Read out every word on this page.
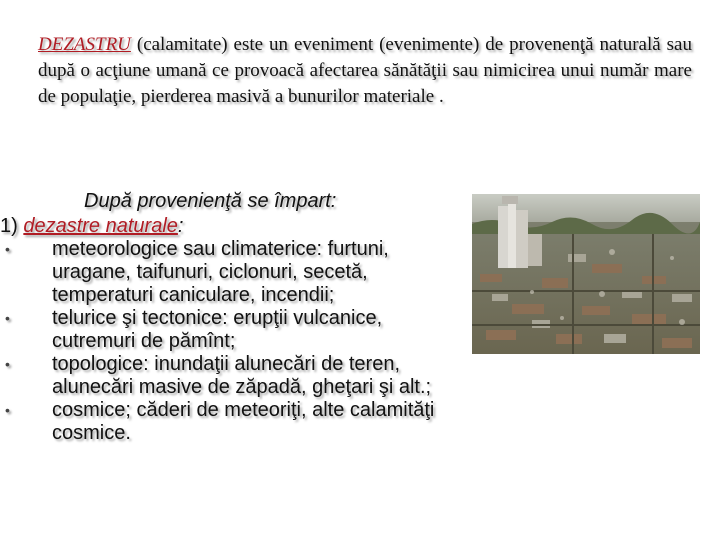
DEZASTRU (calamitate) este un eveniment (evenimente) de provenenţă naturală sau după o acţiune umană ce provoacă afectarea sănătăţii sau nimicirea unui număr mare de populaţie, pierderea masivă a bunurilor materiale .
După provenienţă se împart:
1) dezastre naturale:
• meteorologice sau climaterice: furtuni, uragane, taifunuri, ciclonuri, secetă, temperaturi caniculare, incendii;
• telurice şi tectonice: erupţii vulcanice, cutremuri de pămînt;
• topologice: inundaţii alunecări de teren, alunecări masive de zăpadă, gheţari şi alt.;
• cosmice; căderi de meteoriţi, alte calamităţi cosmice.
